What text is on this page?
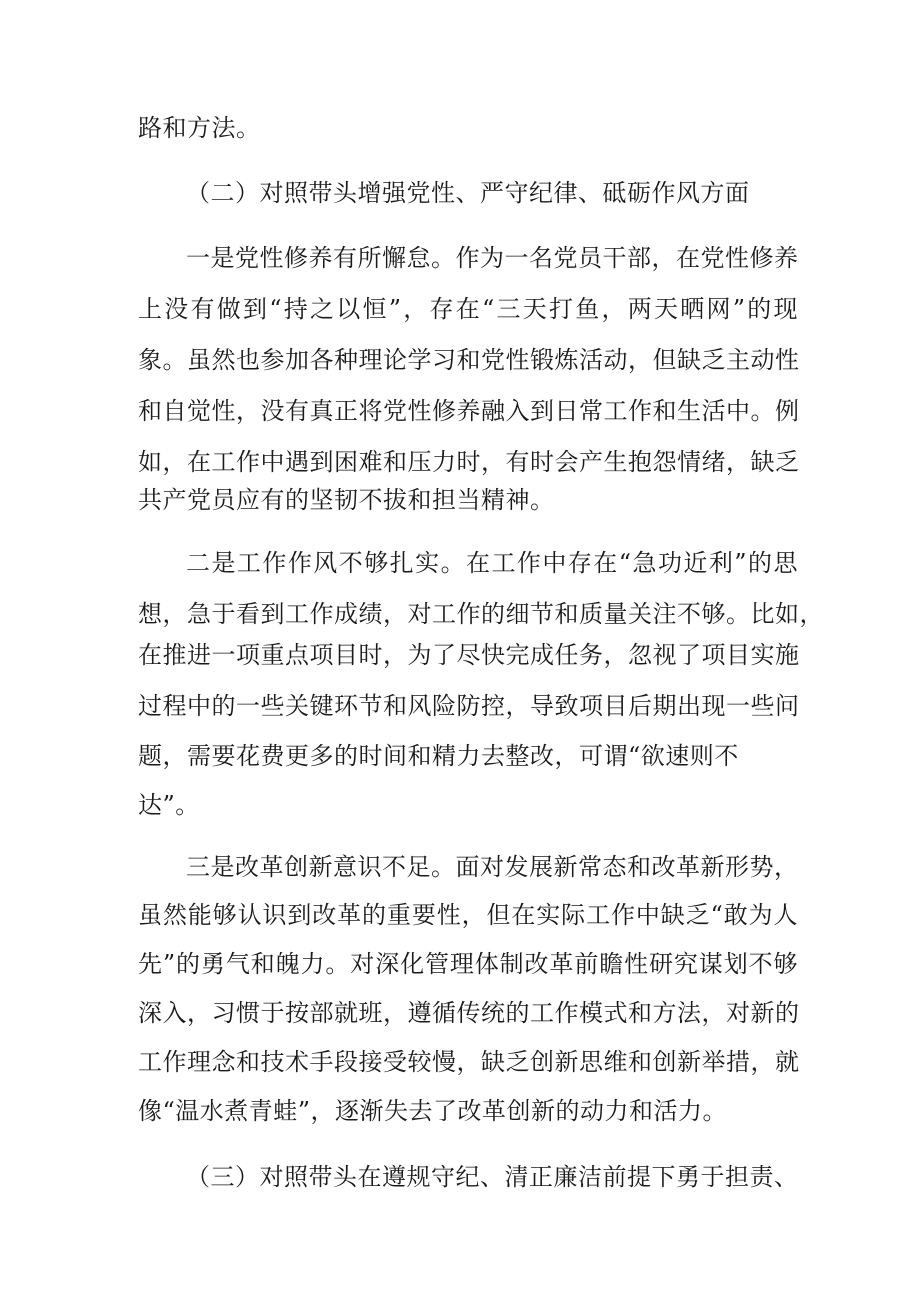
路和方法。
（二）对照带头增强党性、严守纪律、砥砺作风方面
一是党性修养有所懈怠。作为一名党员干部，在党性修养
上没有做到“持之以恒”，存在“三天打鱼，两天晒网”的现
象。虽然也参加各种理论学习和党性锻炼活动，但缺乏主动性
和自觉性，没有真正将党性修养融入到日常工作和生活中。例
如，在工作中遇到困难和压力时，有时会产生抱怨情绪，缺乏
共产党员应有的坚韧不拔和担当精神。
二是工作作风不够扎实。在工作中存在“急功近利”的思
想，急于看到工作成绩，对工作的细节和质量关注不够。比如，
在推进一项重点项目时，为了尽快完成任务，忽视了项目实施
过程中的一些关键环节和风险防控，导致项目后期出现一些问
题，需要花费更多的时间和精力去整改，可谓“欲速则不
达”。
三是改革创新意识不足。面对发展新常态和改革新形势，
虽然能够认识到改革的重要性，但在实际工作中缺乏“敢为人
先”的勇气和魄力。对深化管理体制改革前瞻性研究谋划不够
深入，习惯于按部就班，遵循传统的工作模式和方法，对新的
工作理念和技术手段接受较慢，缺乏创新思维和创新举措，就
像“温水煮青蛙”，逐渐失去了改革创新的动力和活力。
（三）对照带头在遵规守纪、清正廉洁前提下勇于担责、
